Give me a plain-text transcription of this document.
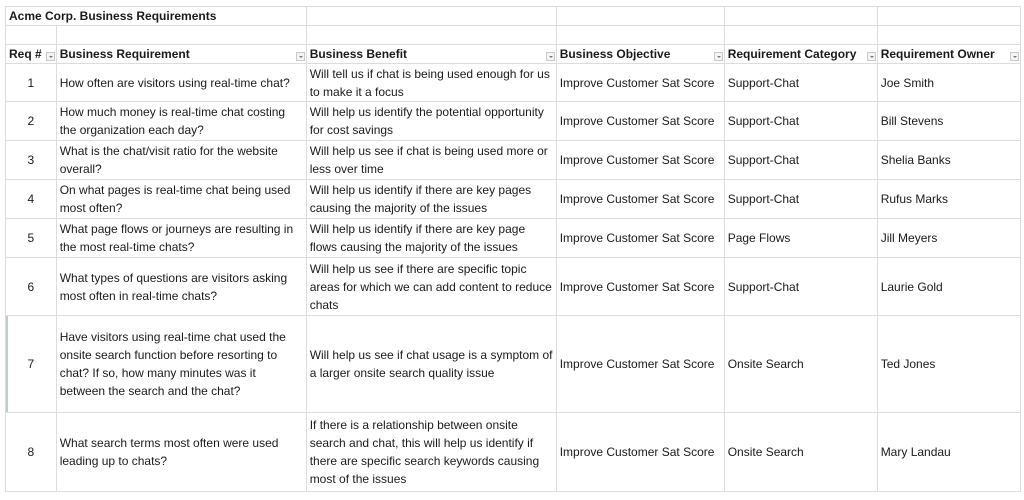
Acme Corp. Business Requirements					

Req #	Business Requirement	Business Benefit	Business Objective	Requirement Category	Requirement Owner

1	How often are visitors using real-time chat?	Will tell us if chat is being used enough for us to make it a focus	Improve Customer Sat Score	Support-Chat	Joe Smith
2	How much money is real-time chat costing the organization each day?	Will help us identify the potential opportunity for cost savings	Improve Customer Sat Score	Support-Chat	Bill Stevens
3	What is the chat/visit ratio for the website overall?	Will help us see if chat is being used more or less over time	Improve Customer Sat Score	Support-Chat	Shelia Banks
4	On what pages is real-time chat being used most often?	Will help us identify if there are key pages causing the majority of the issues	Improve Customer Sat Score	Support-Chat	Rufus Marks
5	What page flows or journeys are resulting in the most real-time chats?	Will help us identify if there are key page flows causing the majority of the issues	Improve Customer Sat Score	Page Flows	Jill Meyers
6	What types of questions are visitors asking most often in real-time chats?	Will help us see if there are specific topic areas for which we can add content to reduce chats	Improve Customer Sat Score	Support-Chat	Laurie Gold
7	Have visitors using real-time chat used the onsite search function before resorting to chat? If so, how many minutes was it between the search and the chat?	Will help us see if chat usage is a symptom of a larger onsite search quality issue	Improve Customer Sat Score	Onsite Search	Ted Jones
8	What search terms most often were used leading up to chats?	If there is a relationship between onsite search and chat, this will help us identify if there are specific search keywords causing most of the issues	Improve Customer Sat Score	Onsite Search	Mary Landau
